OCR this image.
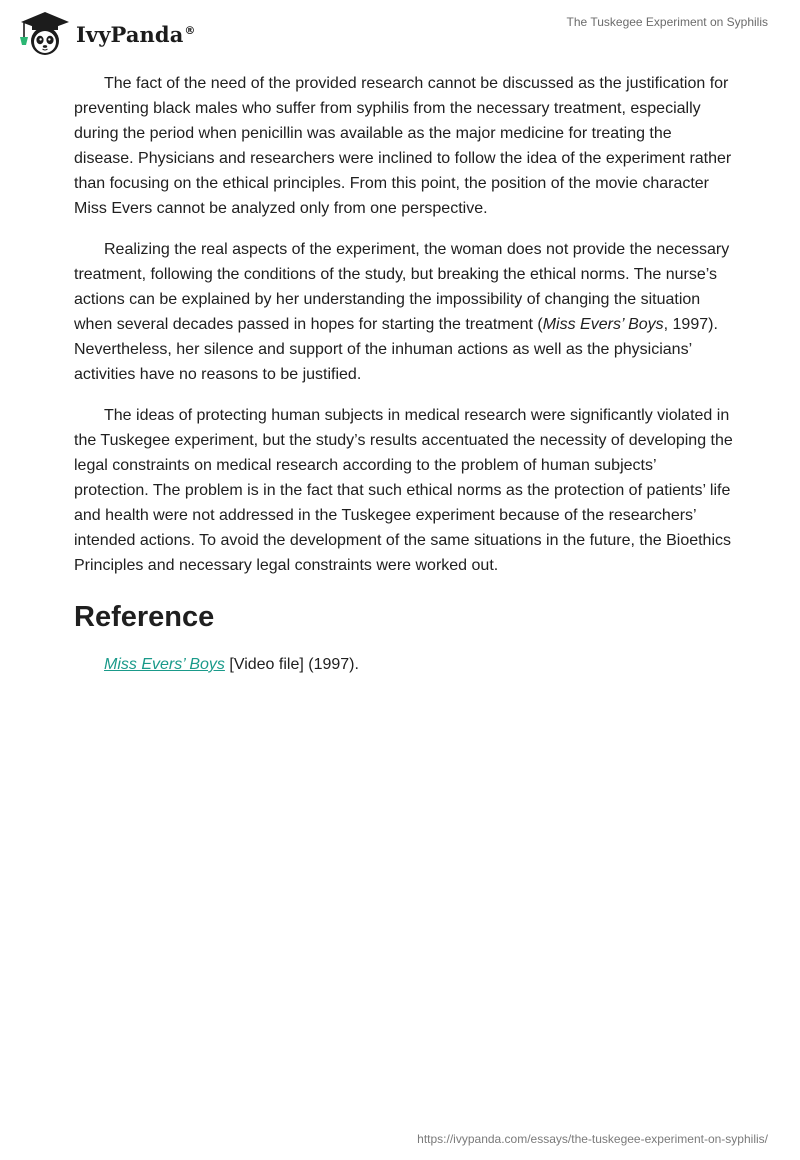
IvyPanda®
The Tuskegee Experiment on Syphilis

The fact of the need of the provided research cannot be discussed as the justification for preventing black males who suffer from syphilis from the necessary treatment, especially during the period when penicillin was available as the major medicine for treating the disease. Physicians and researchers were inclined to follow the idea of the experiment rather than focusing on the ethical principles. From this point, the position of the movie character Miss Evers cannot be analyzed only from one perspective.

Realizing the real aspects of the experiment, the woman does not provide the necessary treatment, following the conditions of the study, but breaking the ethical norms. The nurse’s actions can be explained by her understanding the impossibility of changing the situation when several decades passed in hopes for starting the treatment (Miss Evers’ Boys, 1997). Nevertheless, her silence and support of the inhuman actions as well as the physicians’ activities have no reasons to be justified.

The ideas of protecting human subjects in medical research were significantly violated in the Tuskegee experiment, but the study’s results accentuated the necessity of developing the legal constraints on medical research according to the problem of human subjects’ protection. The problem is in the fact that such ethical norms as the protection of patients’ life and health were not addressed in the Tuskegee experiment because of the researchers’ intended actions. To avoid the development of the same situations in the future, the Bioethics Principles and necessary legal constraints were worked out.

Reference
Miss Evers’ Boys [Video file] (1997).
https://ivypanda.com/essays/the-tuskegee-experiment-on-syphilis/
